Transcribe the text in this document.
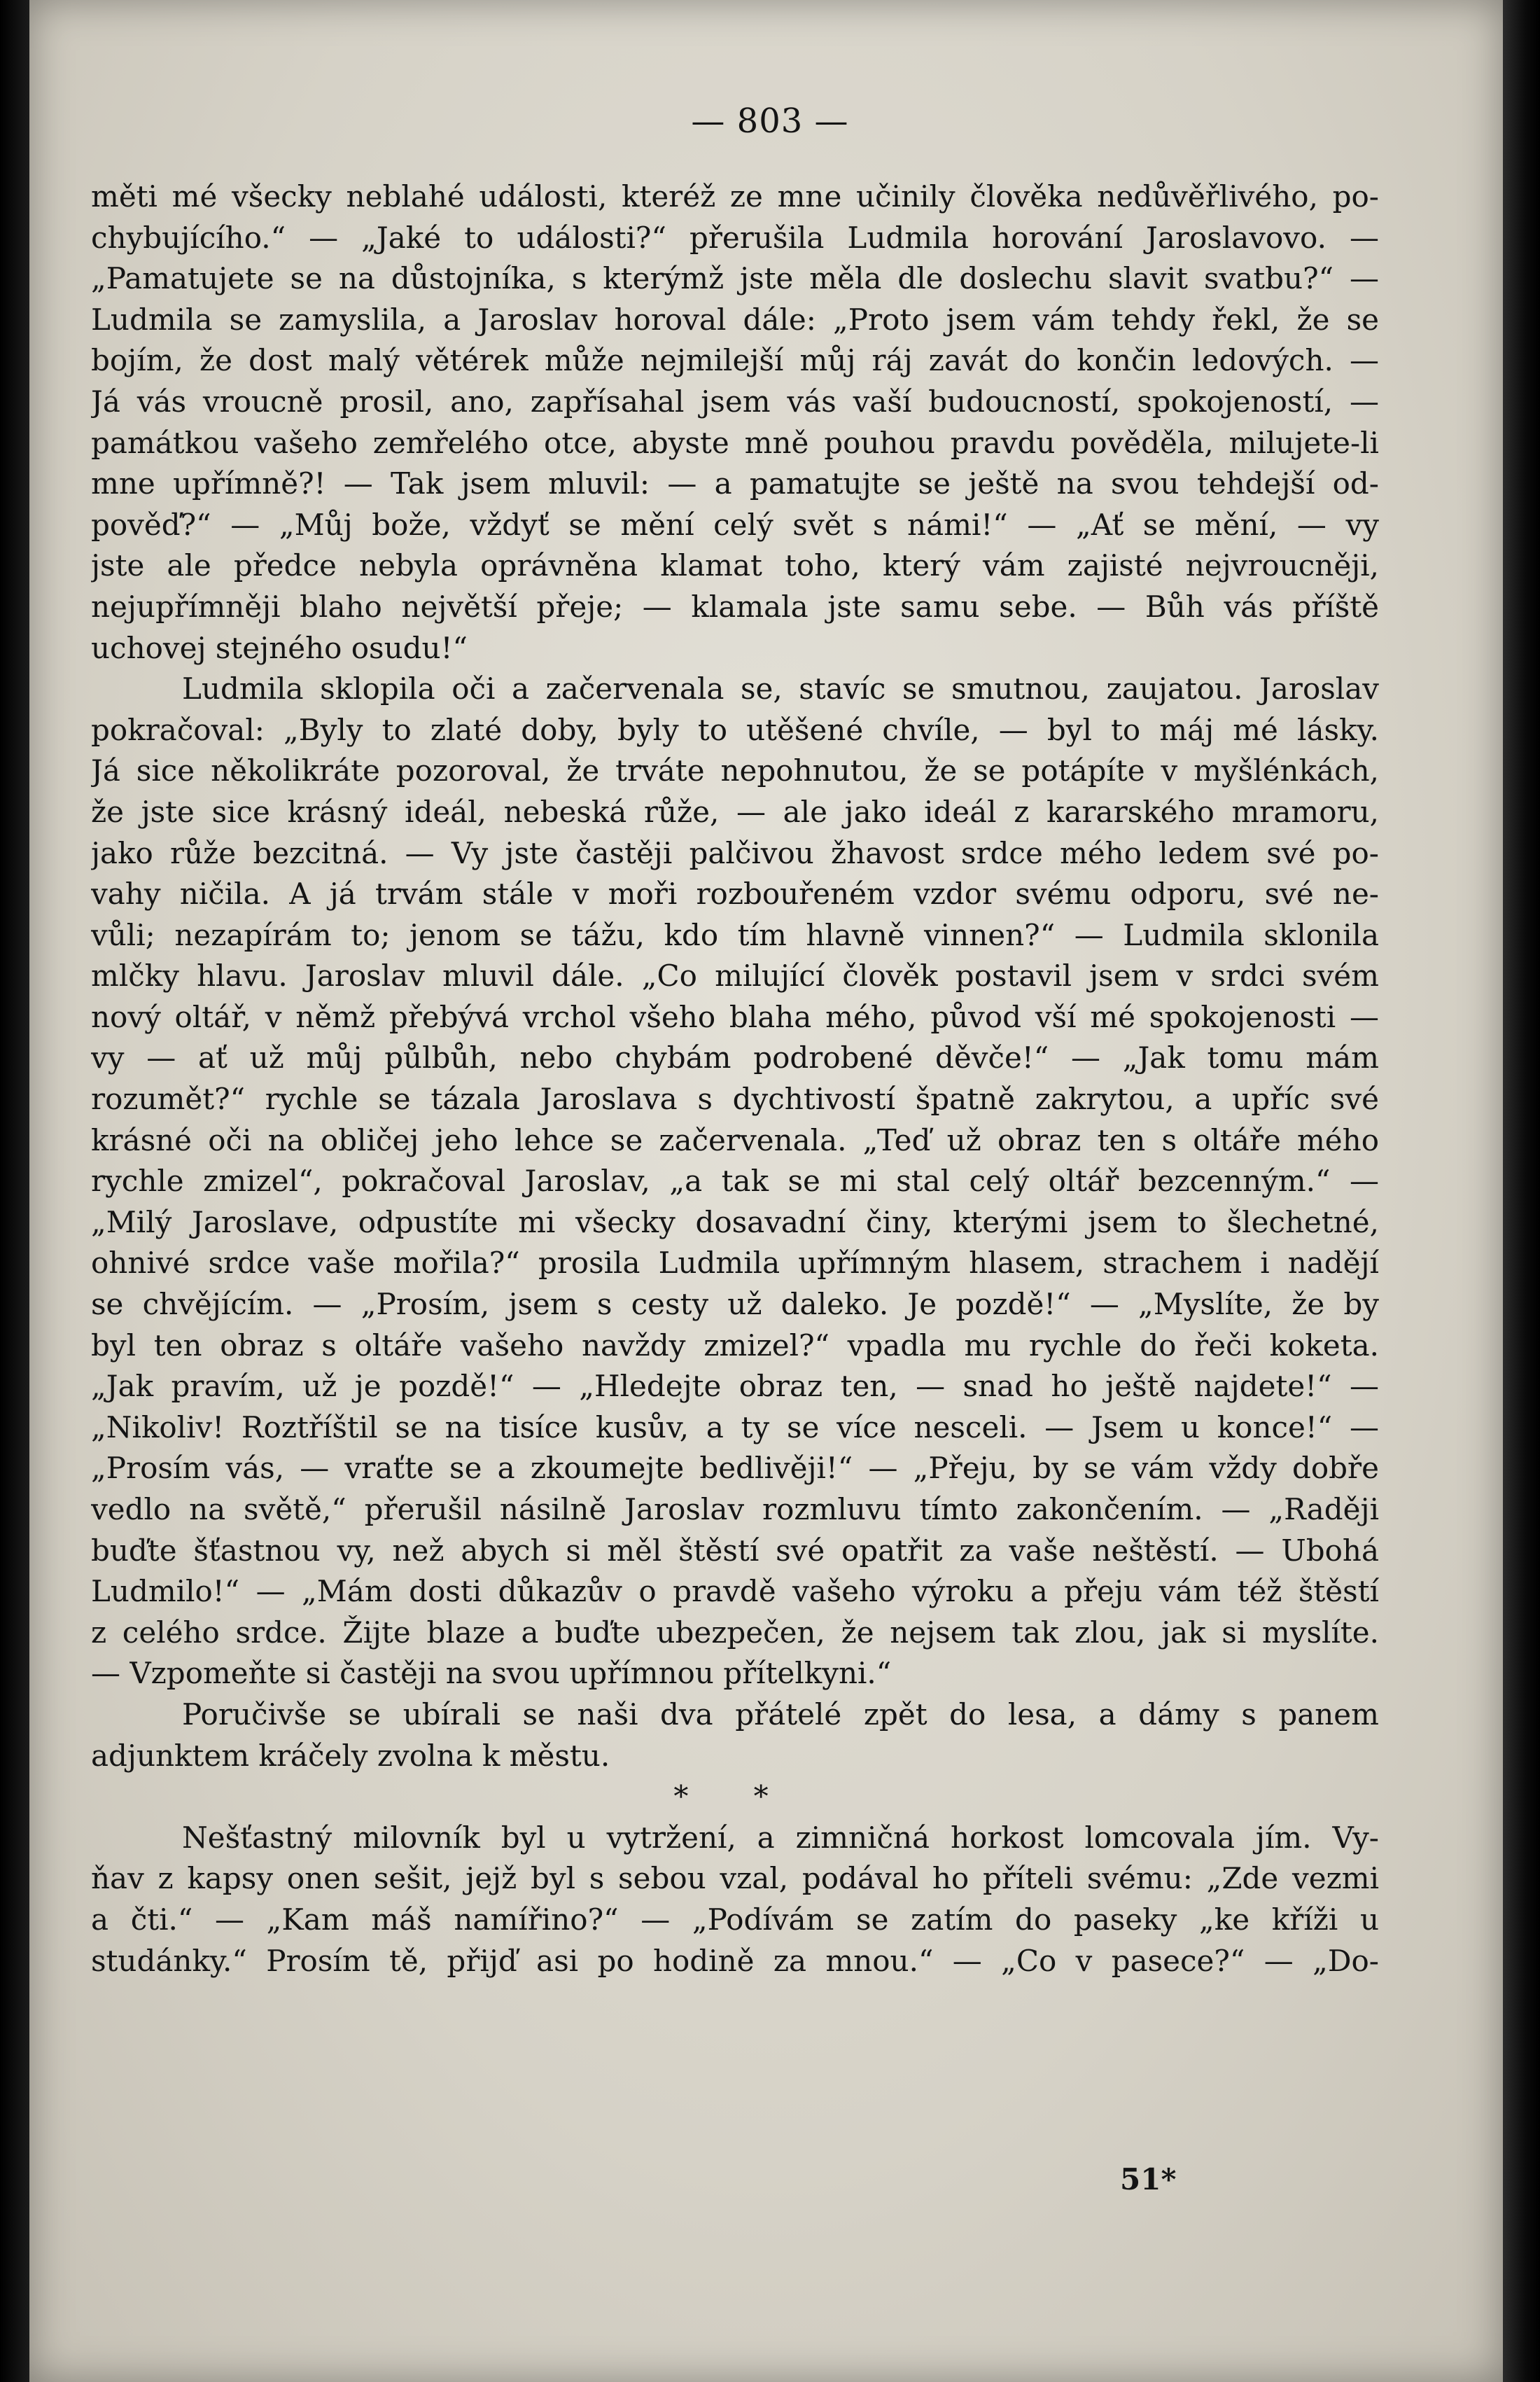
— 803 —
měti mé všecky neblahé události, kteréž ze mne učinily člověka nedůvěřlivého, po-
chybujícího.“ — „Jaké to události?“ přerušila Ludmila horování Jaroslavovo. —
„Pamatujete se na důstojníka, s kterýmž jste měla dle doslechu slavit svatbu?“ —
Ludmila se zamyslila, a Jaroslav horoval dále: „Proto jsem vám tehdy řekl, že se
bojím, že dost malý větérek může nejmilejší můj ráj zavát do končin ledových. —
Já vás vroucně prosil, ano, zapřísahal jsem vás vaší budoucností, spokojeností, —
památkou vašeho zemřelého otce, abyste mně pouhou pravdu pověděla, milujete-li
mne upřímně?! — Tak jsem mluvil: — a pamatujte se ještě na svou tehdejší od-
pověď?“ — „Můj bože, vždyť se mění celý svět s námi!“ — „Ať se mění, — vy
jste ale předce nebyla oprávněna klamat toho, který vám zajisté nejvroucněji,
nejupřímněji blaho největší přeje; — klamala jste samu sebe. — Bůh vás příště
uchovej stejného osudu!“
Ludmila sklopila oči a začervenala se, stavíc se smutnou, zaujatou. Jaroslav
pokračoval: „Byly to zlaté doby, byly to utěšené chvíle, — byl to máj mé lásky.
Já sice několikráte pozoroval, že trváte nepohnutou, že se potápíte v myšlénkách,
že jste sice krásný ideál, nebeská růže, — ale jako ideál z kararského mramoru,
jako růže bezcitná. — Vy jste častěji palčivou žhavost srdce mého ledem své po-
vahy ničila. A já trvám stále v moři rozbouřeném vzdor svému odporu, své ne-
vůli; nezapírám to; jenom se tážu, kdo tím hlavně vinnen?“ — Ludmila sklonila
mlčky hlavu. Jaroslav mluvil dále. „Co milující člověk postavil jsem v srdci svém
nový oltář, v němž přebývá vrchol všeho blaha mého, původ vší mé spokojenosti —
vy — ať už můj půlbůh, nebo chybám podrobené děvče!“ — „Jak tomu mám
rozumět?“ rychle se tázala Jaroslava s dychtivostí špatně zakrytou, a upříc své
krásné oči na obličej jeho lehce se začervenala. „Teď už obraz ten s oltáře mého
rychle zmizel“, pokračoval Jaroslav, „a tak se mi stal celý oltář bezcenným.“ —
„Milý Jaroslave, odpustíte mi všecky dosavadní činy, kterými jsem to šlechetné,
ohnivé srdce vaše mořila?“ prosila Ludmila upřímným hlasem, strachem i nadějí
se chvějícím. — „Prosím, jsem s cesty už daleko. Je pozdě!“ — „Myslíte, že by
byl ten obraz s oltáře vašeho navždy zmizel?“ vpadla mu rychle do řeči koketa.
„Jak pravím, už je pozdě!“ — „Hledejte obraz ten, — snad ho ještě najdete!“ —
„Nikoliv! Roztříštil se na tisíce kusův, a ty se více nesceli. — Jsem u konce!“ —
„Prosím vás, — vraťte se a zkoumejte bedlivěji!“ — „Přeju, by se vám vždy dobře
vedlo na světě,“ přerušil násilně Jaroslav rozmluvu tímto zakončením. — „Raději
buďte šťastnou vy, než abych si měl štěstí své opatřit za vaše neštěstí. — Ubohá
Ludmilo!“ — „Mám dosti důkazův o pravdě vašeho výroku a přeju vám též štěstí
z celého srdce. Žijte blaze a buďte ubezpečen, že nejsem tak zlou, jak si myslíte.
— Vzpomeňte si častěji na svou upřímnou přítelkyni.“
Poručivše se ubírali se naši dva přátelé zpět do lesa, a dámy s panem
adjunktem kráčely zvolna k městu.
* *
Nešťastný milovník byl u vytržení, a zimničná horkost lomcovala jím. Vy-
ňav z kapsy onen sešit, jejž byl s sebou vzal, podával ho příteli svému: „Zde vezmi
a čti.“ — „Kam máš namířino?“ — „Podívám se zatím do paseky „ke kříži u
studánky.“ Prosím tě, přijď asi po hodině za mnou.“ — „Co v pasece?“ — „Do-
51*
